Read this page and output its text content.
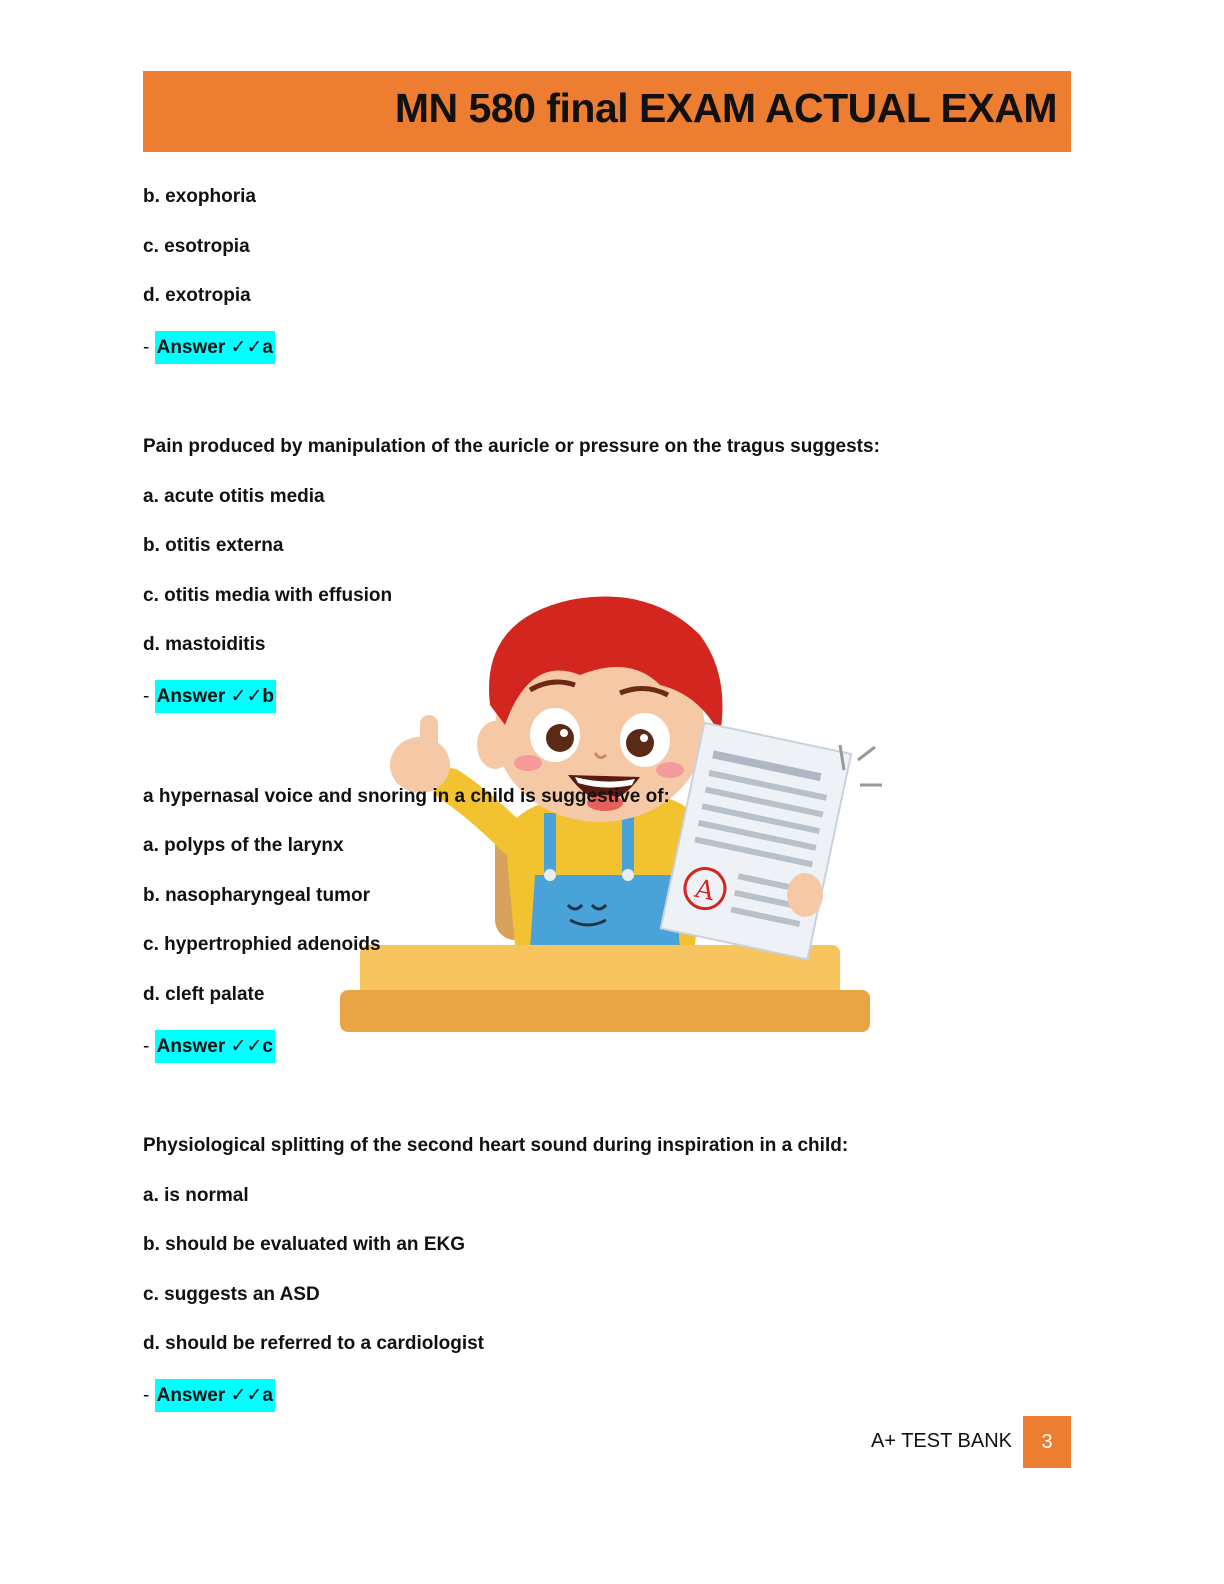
MN 580 final EXAM ACTUAL EXAM
A
b. exophoria
c. esotropia
d. exotropia
- Answer ✓✓a
Pain produced by manipulation of the auricle or pressure on the tragus suggests:
a. acute otitis media
b. otitis externa
c. otitis media with effusion
d. mastoiditis
- Answer ✓✓b
a hypernasal voice and snoring in a child is suggestive of:
a. polyps of the larynx
b. nasopharyngeal tumor
c. hypertrophied adenoids
d. cleft palate
- Answer ✓✓c
Physiological splitting of the second heart sound during inspiration in a child:
a. is normal
b. should be evaluated with an EKG
c. suggests an ASD
d. should be referred to a cardiologist
- Answer ✓✓a
A+ TEST BANK	3
